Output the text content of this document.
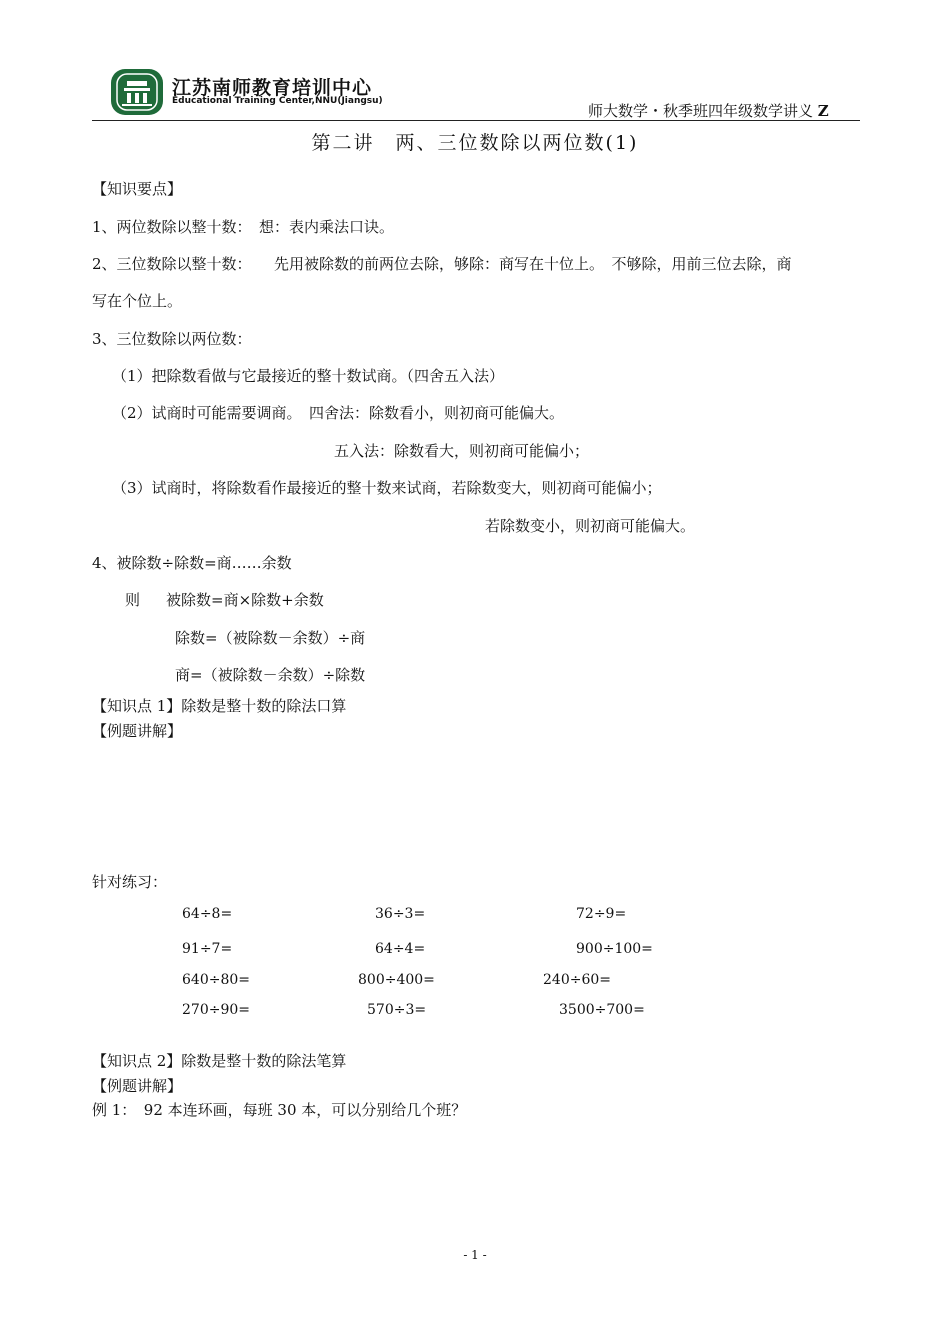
江苏南师教育培训中心
Educational Training Center,NNU(Jiangsu)
师大数学・秋季班四年级数学讲义 Z
第二讲　两、三位数除以两位数(1)
【知识要点】
1、两位数除以整十数：　想：表内乘法口诀。
2、三位数除以整十数：　　先用被除数的前两位去除，够除：商写在十位上。　不够除，用前三位去除，商
写在个位上。
3、三位数除以两位数：
（1）把除数看做与它最接近的整十数试商。（四舍五入法）
（2）试商时可能需要调商。　四舍法：除数看小，则初商可能偏大。
五入法：除数看大，则初商可能偏小；
（3）试商时，将除数看作最接近的整十数来试商，若除数变大，则初商可能偏小；
若除数变小，则初商可能偏大。
4、被除数÷除数=商……余数
则 被除数=商×除数+余数
除数=（被除数－余数）÷商
商=（被除数－余数）÷除数
【知识点 1】除数是整十数的除法口算
【例题讲解】
针对练习：
64÷8=	36÷3=	72÷9=
91÷7=	64÷4=	900÷100=
640÷80=	800÷400=	240÷60=
270÷90=	570÷3=	3500÷700=
【知识点 2】除数是整十数的除法笔算
【例题讲解】
例 1：　92 本连环画，每班 30 本，可以分别给几个班？
- 1 -
